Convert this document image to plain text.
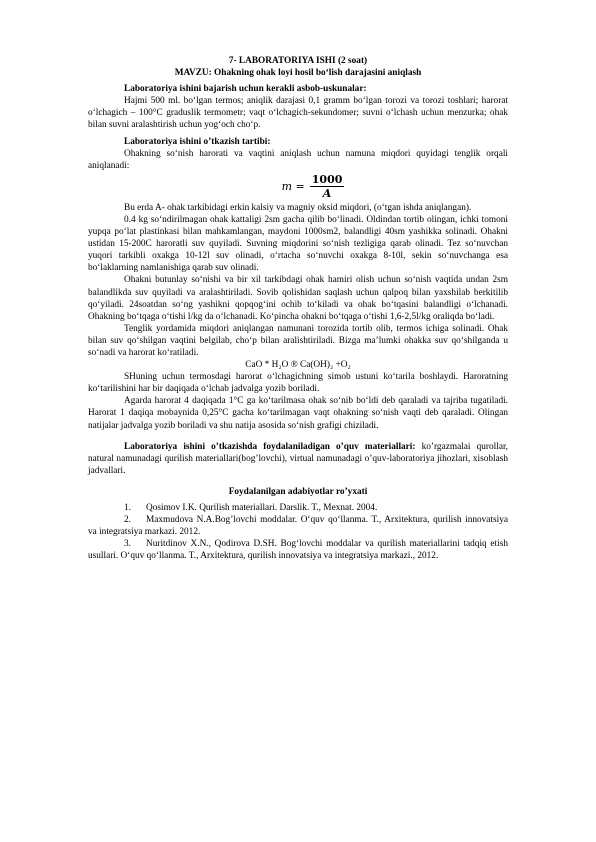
7- LABORATORIYA ISHI (2 soat)
MAVZU: Ohakning ohak loyi hosil bo‘lish darajasini aniqlash

Laboratoriya ishini bajarish uchun kerakli asbob-uskunalar:

Hajmi 500 ml. bo‘lgan termos; aniqlik darajasi 0,1 gramm bo‘lgan torozi va torozi toshlari; harorat o‘lchagich – 100°C graduslik termometr; vaqt o‘lchagich-sekundomer; suvni o‘lchash uchun menzurka; ohak bilan suvni aralashtirish uchun yog‘och cho‘p.

Laboratoriya ishini o’tkazish tartibi:

Ohakning so‘nish harorati va vaqtini aniqlash uchun namuna miqdori quyidagi tenglik orqali aniqlanadi:

$m = \frac{1000}{A}$

Bu erda A- ohak tarkibidagi erkin kalsiy va magniy oksid miqdori, (o‘tgan ishda aniqlangan).

0.4 kg so‘ndirilmagan ohak kattaligi 2sm gacha qilib bo‘linadi. Oldindan tortib olingan, ichki tomoni yupqa po‘lat plastinkasi bilan mahkamlangan, maydoni 1000sm2, balandligi 40sm yashikka solinadi. Ohakni ustidan 15-200C haroratli suv quyiladi. Suvning miqdorini so‘nish tezligiga qarab olinadi. Tez so‘nuvchan yuqori tarkibli oxakga 10-12l suv olinadi, o‘rtacha so‘nuvchi oxakga 8-10l, sekin so‘nuvchanga esa bo‘laklarning namlanishiga qarab suv olinadi.

Ohakni butunlay so‘nishi va bir xil tarkibdagi ohak hamiri olish uchun so‘nish vaqtida undan 2sm balandlikda suv quyiladi va aralashtiriladi. Sovib qolishidan saqlash uchun qalpoq bilan yaxshilab berkitilib qo‘yiladi. 24soatdan so‘ng yashikni qopqog‘ini ochib to‘kiladi va ohak bo‘tqasini balandligi o‘lchanadi. Ohakning bo‘tqaga o‘tishi l/kg da o‘lchanadi. Ko‘pincha ohakni bo‘tqaga o‘tishi 1,6-2,5l/kg oraliqda bo‘ladi.

Tenglik yordamida miqdori aniqlangan namunani torozida tortib olib, termos ichiga solinadi. Ohak bilan suv qo‘shilgan vaqtini belgilab, cho‘p bilan aralishtiriladi. Bizga ma’lumki ohakka suv qo‘shilganda u so‘nadi va harorat ko‘ratiladi.

CaO * H₂O ® Ca(OH)₂ +O₂

SHuning uchun termosdagi harorat o‘lchagichning simob ustuni ko‘tarila boshlaydi. Haroratning ko‘tarilishini har bir daqiqada o‘lchab jadvalga yozib boriladi.

Agarda harorat 4 daqiqada 1°C ga ko‘tarilmasa ohak so‘nib bo‘ldi deb qaraladi va tajriba tugatiladi. Harorat 1 daqiqa mobaynida 0,25°C gacha ko‘tarilmagan vaqt ohakning so‘nish vaqti deb qaraladi. Olingan natijalar jadvalga yozib boriladi va shu natija asosida so‘nish grafigi chiziladi.

Laboratoriya ishini o’tkazishda foydalaniladigan o’quv materiallari: ko’rgazmalai qurollar, natural namunadagi qurilish materiallari(bog’lovchi), virtual namunadagi o’quv-laboratoriya jihozlari, xisoblash jadvallari.

Foydalanilgan adabiyotlar ro’yxati

1. Qosimov I.K. Qurilish materiallari. Darslik. T., Mexnat. 2004.

2. Maxmudova N.A.Bog’lovchi moddalar. O‘quv qo‘llanma. T., Arxitektura, qurilish innovatsiya va integratsiya markazi. 2012.

3. Nuritdinov X.N., Qodirova D.SH. Bog‘lovchi moddalar va qurilish materiallarini tadqiq etish usullari. O‘quv qo‘llanma. T., Arxitektura, qurilish innovatsiya va integratsiya markazi., 2012.
